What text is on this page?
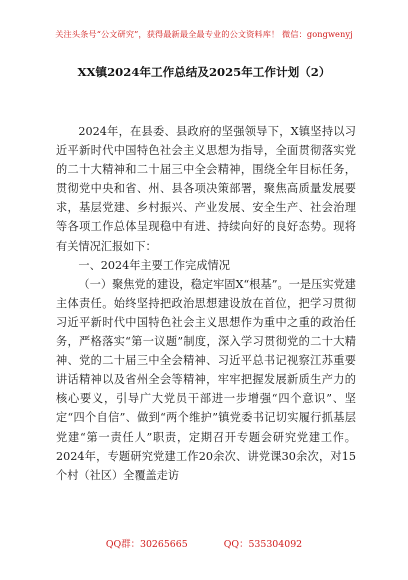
关注头条号“公文研究”，获得最新最全最专业的公文资料库！ 微信：gongwenyj
XX镇2024年工作总结及2025年工作计划（2）

2024年，在县委、县政府的坚强领导下，X镇坚持以习近平新时代中国特色社会主义思想为指导，全面贯彻落实党的二十大精神和二十届三中全会精神，围绕全年目标任务，贯彻党中央和省、州、县各项决策部署，聚焦高质量发展要求，基层党建、乡村振兴、产业发展、安全生产、社会治理等各项工作总体呈现稳中有进、持续向好的良好态势。现将有关情况汇报如下：

一、2024年主要工作完成情况

（一）聚焦党的建设，稳定牢固X“根基”。一是压实党建主体责任。始终坚持把政治思想建设放在首位，把学习贯彻习近平新时代中国特色社会主义思想作为重中之重的政治任务，严格落实“第一议题”制度，深入学习贯彻党的二十大精神、党的二十届三中全会精神、习近平总书记视察江苏重要讲话精神以及省州全会等精神，牢牢把握发展新质生产力的核心要义，引导广大党员干部进一步增强“四个意识”、坚定“四个自信”、做到“两个维护”镇党委书记切实履行抓基层党建“第一责任人”职责，定期召开专题会研究党建工作。2024年，专题研究党建工作20余次、讲党课30余次，对15个村（社区）全覆盖走访

QQ群：30265665	QQ：535304092
